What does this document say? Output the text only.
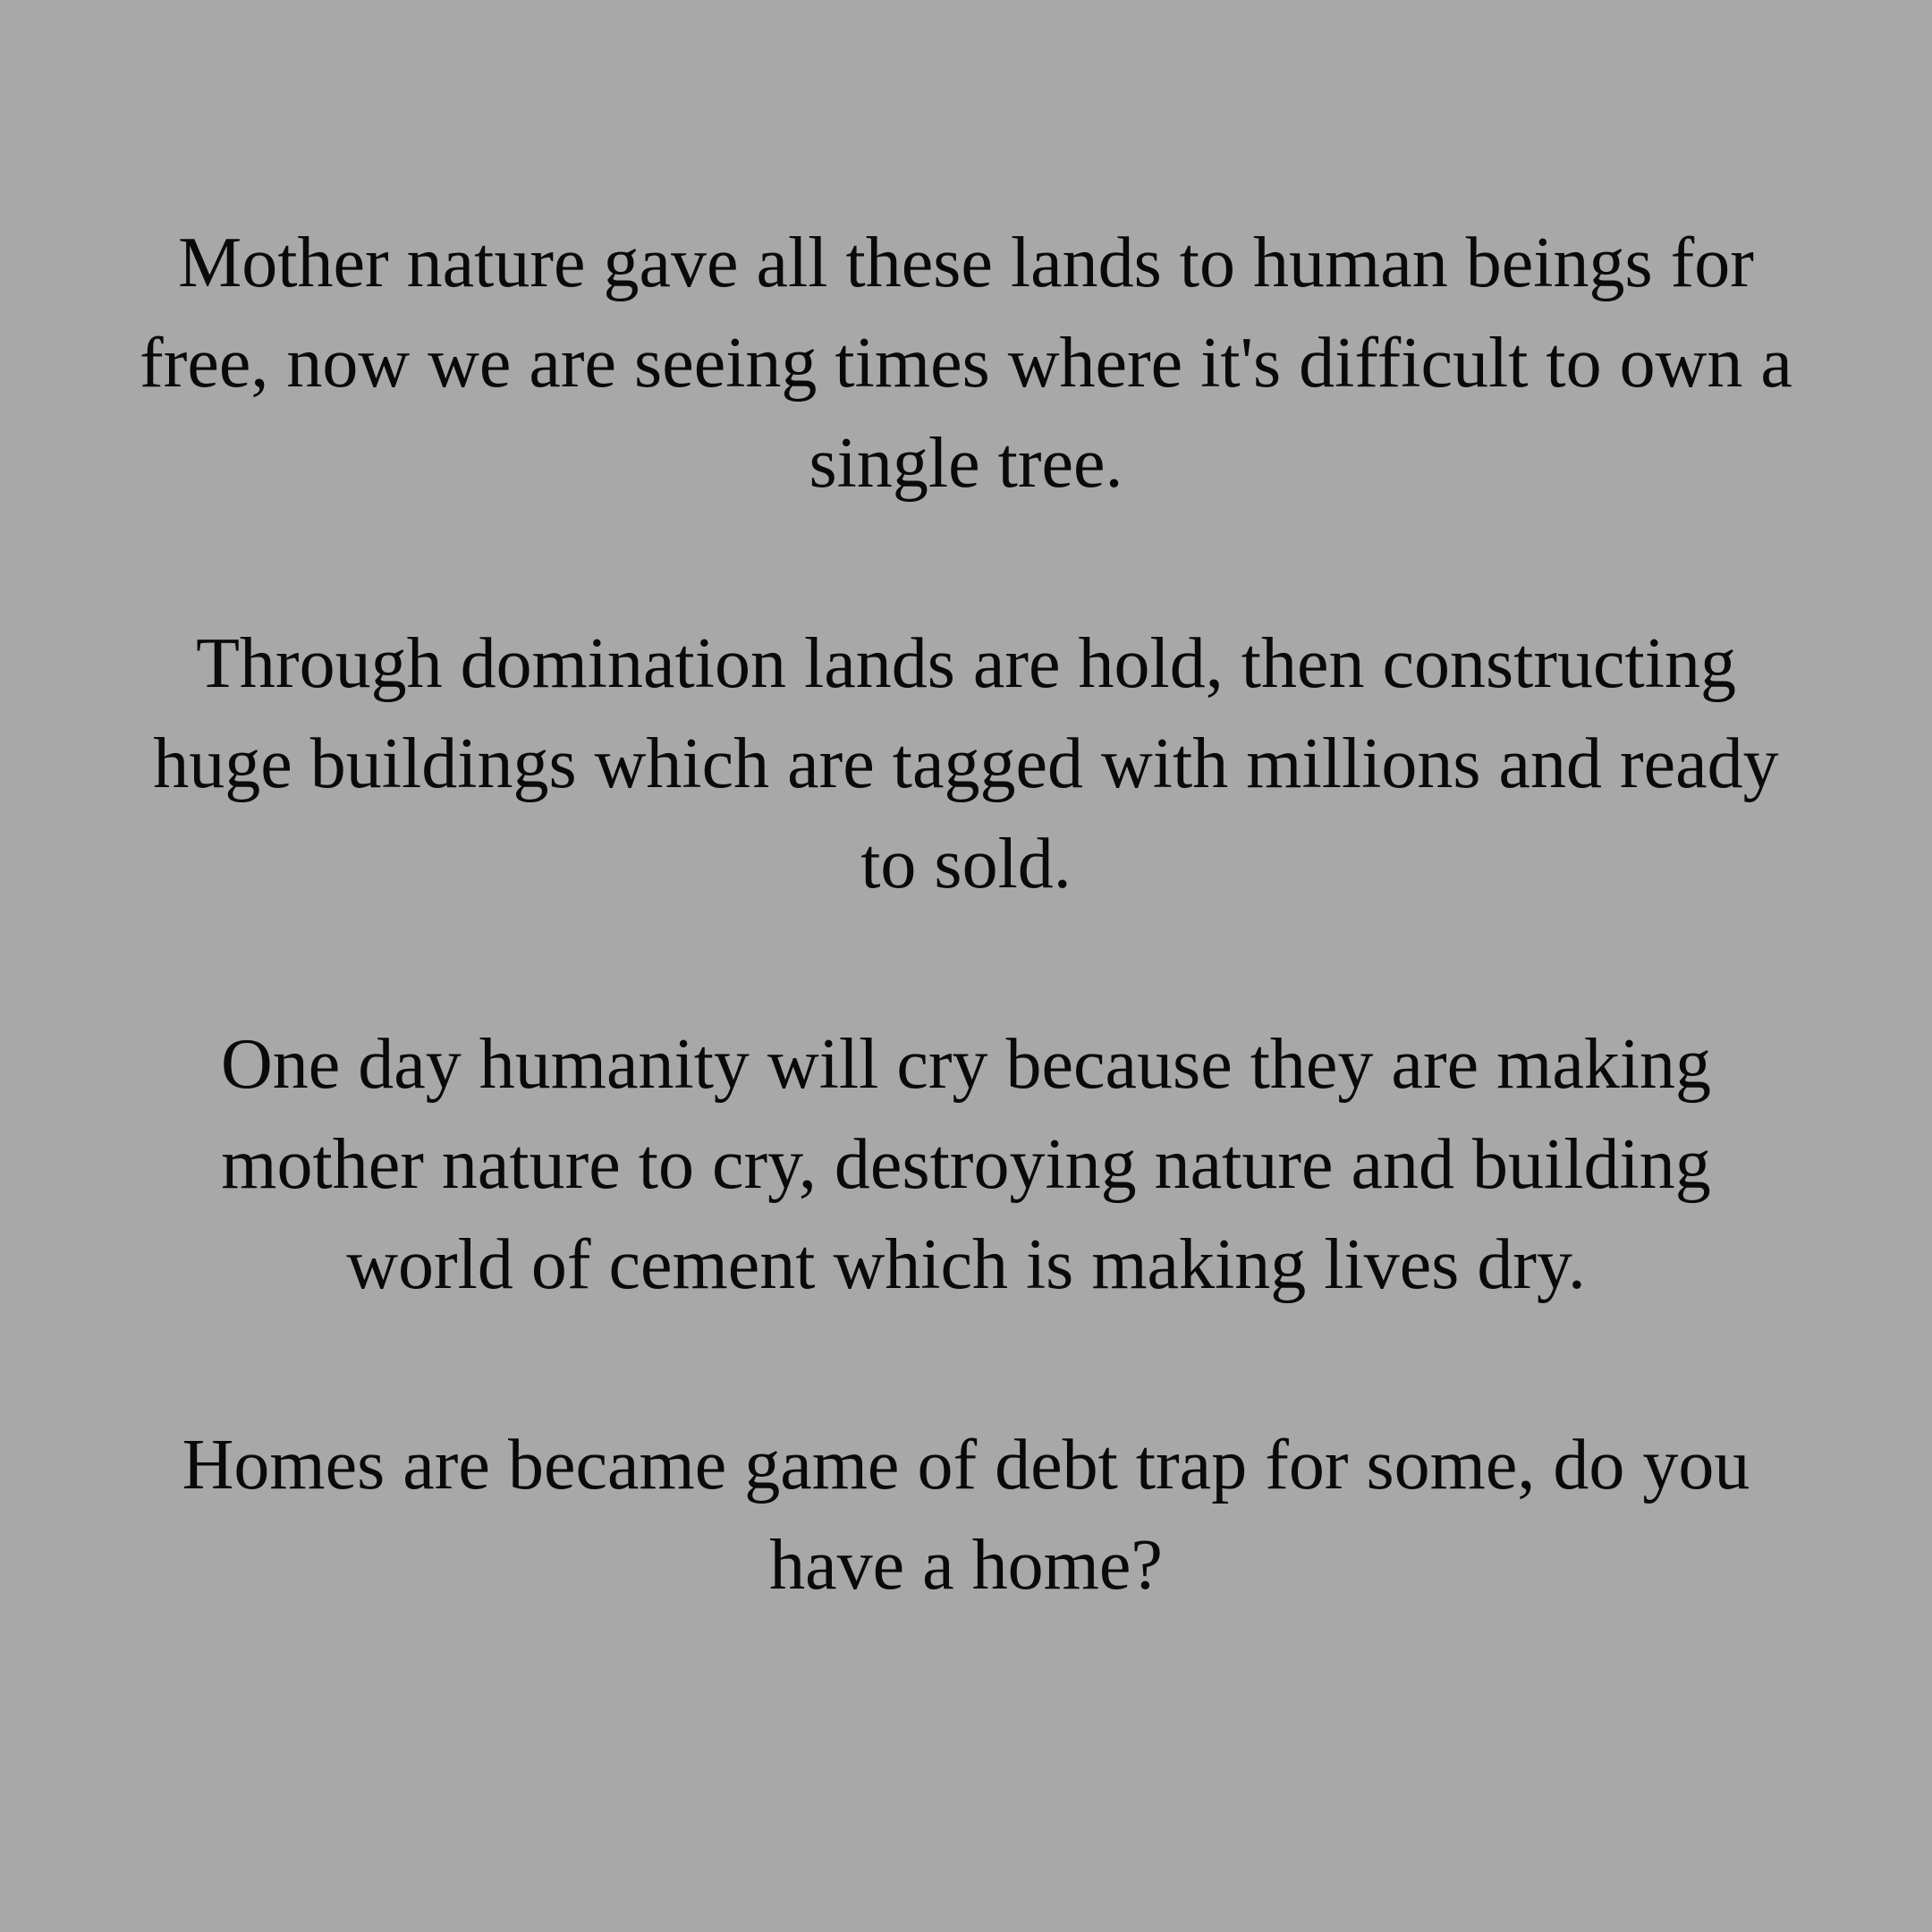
Mother nature gave all these lands to human beings for
free, now we are seeing times where it's difficult to own a
single tree.

Through domination lands are hold, then constructing
huge buildings which are tagged with millions and ready
to sold.

One day humanity will cry because they are making
mother nature to cry, destroying nature and building
world of cement which is making lives dry.

Homes are became game of debt trap for some, do you
have a home?
